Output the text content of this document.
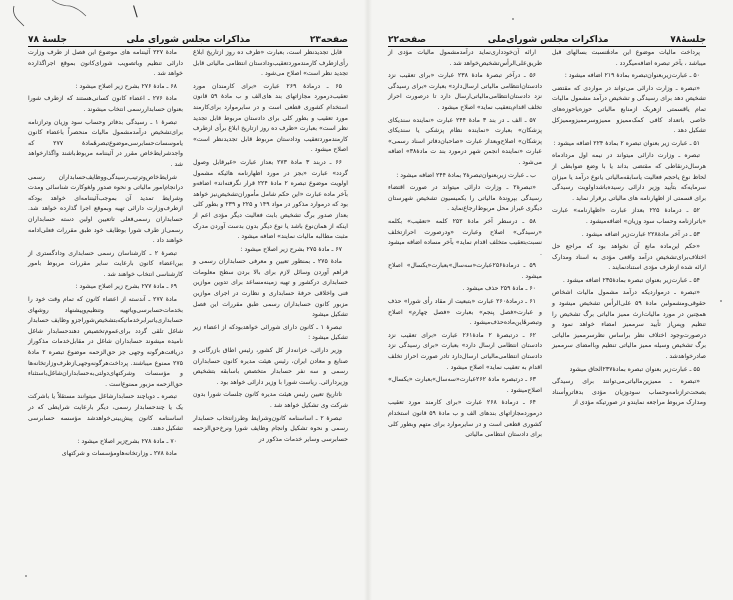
\
صفحه۲۳
مذاکرات مجلس شورای ملی
جلسهٔ ۷۸

قابل تجدیدنظر است، بعبارت «ظرف ده روز ازتاریخ ابلاغ رأی‌ازطرف کارمندموردتعقیب‌ودادستان انتظامی مالیاتی قابل تجدید نظر است» اصلاح می‌شود .

۶۵ ـ درمادهٔ ۲۶۹ عبارت «برای کارمندان مورد تعقیب‌درمورد مجازاتهای بند های‌الف و ب مادهٔ ۵۹ قانون استخدام کشوری قطعی است و در سایرموارد برای‌کارمند مورد تعقیب و بطور کلی برای دادستان مربوط قابل تجدید نظر است» بعبارت «ظرف ده روز ازتاریخ ابلاغ برأی ازطرف کارمندموردتعقیب ودادستان مربوط قابل تجدیدنظر است» اصلاح میشود .

۶۶ ـ دربند ۳ مادهٔ ۲۷۳ بعداز عبارت «غیرقابل وصول گردد» عبارت «بجز در مورد اظهارنامه هائیکه مشمول اولویت موضوع تبصره ۲ مادهٔ ۲۲۴ قرار نگرفته‌اند» اضافه‌و بآخر ماده عبارت «این حکم شامل مأموران‌تشخیص‌نیز خواهد بود که درموارد مذکور در مواد ۱۴۹ و ۲۲۵ و ۲۳۹ و بطور کلی بعداز صدور برگ تشخیص بابت فعالیت دیگر مؤدی اعم از اینکه از همان‌نوع باشد یا نوع دیگر بدون بدست آوردن مدرک مثبت مطالبه مالیات نمایند» اضافه میشود .

۶۷ ـ مادهٔ ۲۷۵ بشرح زیر اصلاح میشود :

مادهٔ ۲۷۵ ـ بمنظور تعیین و معرفی حسابداران رسمی و فراهم آوردن وسائل لازم برای بالا بردن سطح معلومات حسابداری درکشور و تهیه زمینه‌مساعد برای تدوین موازین فنی واخلاقی حرفهٔ حسابداری و نظارت در اجرای موازین مزبور کانون حسابداران رسمی طبق مقررات این فصل تشکیل میشود

تبصرهٔ ۱ ـ کانون دارای شورائی خواهدبودکه از اعضاء زیر تشکیل میشود :

وزیر دارائی، خزانه‌دار کل کشور، رئیس اطاق بازرگانی و صنایع و معادن ایران، رئیس هیئت مدیره کانون حسابداران رسمی و سه نفر حسابدار متخصص باسابقه بتشخیص وزیردارائی. ریاست شورا با وزیر دارائی خواهد بود .

تاتاریخ تعیین رئیس هیئت مدیره کانون جلسات شورا بدون شرکت وی تشکیل خواهد شد .

تبصرهٔ ۲ ـ اساسنامه کانون‌وشرایط وطرزانتخاب حسابدار رسمی و نحوه تشکیل وانجام وظایف شورا ونرخ‌حق‌الزحمه حسابرسی وسایر خدمات مذکور در

مادهٔ ۲۲۷ آئیننامه های موضوع این فصل از طرف وزارت دارائی تنظیم وباتصویب شورای‌کانون بموقع اجراگذارده خواهد شد .

۶۸ ـ مادهٔ ۲۷۶ بشرح زیر اصلاح میشود :

مادهٔ ۲۷۶ ـ اعضاء کانون کسانی‌هستند که ازطرف شورا بعنوان حسابداررسمی انتخاب میشوند .

تبصرهٔ ۱ ـ رسیدگی بدفاتر وحساب سود وزیان وترازنامه برای‌تشخیص درآمدمشمول مالیات منحصراً باعضاء کانون یاموسسات‌حسابرسی‌موضوع‌تبصرهٔمادهٔ ۲۷۷ که واجدشرایط‌خاص مقرر در آئیننامه مربوط‌باشند واگذارخواهد شد .

شرایط‌خاص‌وترتیب‌رسیدگی‌ووظایف‌حسابداران رسمی درانجام‌امور مالیاتی و نحوه صدور ولغوکارت شناسائی ومدت وشرایط تمدید آن بموجب‌آئیننامه‌ای خواهد بودکه ازطرف‌وزارت دارائی تهیه وبموقع اجرا گذارده خواهد شد. حسابداران رسمی‌فعلی تاتعیین اولین دسته حسابداران رسمی‌از طرف شورا بوظایف خود طبق مقررات فعلی‌ادامه خواهند داد .

تبصرهٔ ۲ ـ کارشناسان رسمی حسابداری ودادگستری از بین‌اعضاء کانون بارعایت سایر مقررات مربوط بامور کارشناسی انتخاب خواهند شد .

۶۹ ـ مادهٔ ۲۷۷ بشرح زیر اصلاح میشود :

مادهٔ ۲۷۷ ـ آندسته از اعضاء کانون که تمام وقت خود را بخدمات‌حسابرسی‌ویاتهیه وتنظیم‌وپیشنهاد روشهای حسابداری‌یاتبرابرخدماتیکه‌بتشخیص‌شوراجزو وظایف حسابدار شاغل تلقی گردد برای‌عموم‌تخصیص دهندحسابدار شاغل نامیده میشوند حسابداران شاغل در مقابل‌خدمات مذکوراز دریافت‌هرگونه وجهی جز حق‌الزحمه موضوع تبصره ۲ مادهٔ ۲۷۵ ممنوع میباشند. پرداخت‌هرگونه‌وجهی‌ازطرف‌وزارتخانه‌ها و مؤسسات وشرکتهای‌دولتی‌به‌حسابداران‌شاغل‌باستثناء حق‌الزحمه مزبور ممنوع‌است .

تبصره ـ دویاچند حسابدارشاغل میتوانند مستقلاً یا باشرکت یک یا چندحسابدار رسمی، دیگر بارعایت شرایطی که در اساسنامه کانون پیش‌بینی‌خواهدشد مؤسسه حسابرسی تشکیل دهند.

۷۰ ـ مادهٔ ۲۷۸ بشرح‌زیر اصلاح میشود :

مادهٔ ۲۷۸ ـ وزارتخانه‌هاومؤسسات و شرکتهای

جلسهٔ۷۸
مذاکرات مجلس شورای‌ملی
صفحه۲۲

پرداخت مالیات موضوع این مادهٔنسبت بسالهای قبل میباشد ، بآخر تبصره اضافه‌میگردد .

۵۰ ـ عبارت‌زیربعنوان‌تبصره بمادهٔ ۲۱۹ اضافه میشود :

«تبصره ـ وزارت دارائی می‌تواند در مواردی که مقتضی تشخیص دهد برای رسیدگی و تشخیص درآمد مشمول مالیات تمام یاقسمتی ازهریک ازمنابع مالیاتی حوزه‌یاحوزه‌های خاصی باتعداد کافی کمک‌ممیزو ممیزوسرممیزوممیزکل تشکیل دهد .

۵۱ ـ عبارت زیر بعنوان تبصره ۲ بمادهٔ ۲۲۴ اضافه میشود :

تبصره ـ وزارت دارائی میتواند در نیمه اول مردادماه هرسال‌درنقاطی که مقتضی بداند یا با وضع ضوابطی از لحاظ نوع یاحجم فعالیت یاسابقه‌مالیاتی یانوع درآمد یا میزان سرمایه‌که بتأیید وزیر دارائی رسیده‌باشداولویت رسیدگی برای قسمتی از اظهارنامه های مالیاتی برقرار نماید .

۵۲ ـ درمادهٔ ۲۲۵ بعداز عبارت «اظهارنامه» عبارت «یاترازنامه وحساب سود وزیان» اضافه‌میشود .

۵۳ ـ در آخر مادهٔ۲۲۸ عبارت‌زیر اضافه میشود .

«حکم این‌ماده مانع آن نخواهد بود که مراجع حل اختلاف‌برای‌تشخیص درآمد واقعی مؤدی به اسناد ومدارک ارائه شده ازطرف مؤدی استنادنمایند .

۵۴ ـ عبارت‌زیر بعنوان تبصره بمادهٔ۲۳۵ اضافه میشود .

«تبصره ـ درمواردیکه درآمد مشمول مالیات اشخاص حقوقی‌ومشمولین مادهٔ ۵۹ علی‌الرأس تشخیص میشود و همچنین در مورد مالیات‌ارث ممیز مالیاتی برگ تشخیص را تنظیم وپس‌از تأیید سرممیز امضاء خواهد نمود و درصورت‌وجود اختلاف نظر براساس نظرسرممیز مالیاتی برگ تشخیص وسیله ممیز مالیاتی تنظیم وباامضای سرممیز صادرخواهدشد .

۵۵ ـ عبارت‌زیر بعنوان تبصره بمادهٔ۲۳۷الحاق میشود

«تبصره ـ ممیزین‌مالیاتی‌می‌توانند برای رسیدگی بصحت‌ترازنامه‌وحساب سودوزیان مؤدی بدفاتروأسناد ومدارک مربوط مراجعه نمایندو در صورتیکه مؤدی از

ارائه آن‌خودداری‌نماید درآمدمشمول مالیات مؤدی از طریق‌علی‌الرأس‌تشخیص‌خواهد شد .

۵۶ ـ درآخر تبصرهٔ مادهٔ ۲۳۸ عبارت «برای تعقیب نزد دادستان‌انتظامی مالیاتی ارسال‌دارد» بعبارت «برای رسیدگی نزد دادستان‌انتظامی‌مالیاتی‌ارسال دارد تا درصورت احراز تخلف اقدام‌بتعقیب نماید» اصلاح میشود .

۵۷ ـ الف ـ در بند ۳ مادهٔ ۲۴۴ عبارت «نماینده سندیکای پزشکان» بعبارت «نماینده نظام پزشکی یا سندیکای پزشکان» اصلاح‌وبعداز عبارت «صاحبان‌دفاتر اسناد رسمی» عبارت «نماینده انجمن شهر درمورد بند ت مادهٔ۳۸» اضافه می‌شود .

ب ـ عبارت زیربعنوان‌تبصرهٔ۲ بمادهٔ ۲۴۴ اضافه میشود :

«تبصرهٔ۲ ـ وزارت دارائی میتواند در صورت اقتضاء رسیدگی بپروندهٔ مالیاتی را بکمیسیون تشخیص شهرستان دیگری غیراز محل مربوط‌ارجاع‌نماید .

۵۸ ـ درسطر آخر مادهٔ ۲۵۲ کلمه «تعقیب» بکلمه «رسیدگی» اصلاح وعبارت «ودرصورت احرازتخلف نسبت‌بتعقیب متخلف اقدام نماید» بآخر مساده اضافه میشود .

۵۹ ـ درمادهٔ۲۵۶عبارت«سه‌سال»بعبارت«یکسال» اصلاح میشود .

۶۰ ـ مادهٔ ۲۵۹ حذف میشود .

۶۱ ـ درمادهٔ۲۶۰ عبارت «بتبعیت از مقاد رأی شورا» حذف و عبارت«فصل پنجم» بعبارت «فصل چهارم» اصلاح وتبصرهٔاین‌ماده‌حذف‌میشود .

۶۲ ـ درتبصرهٔ ۲ مادهٔ۲۶۱ عبارت «برای تعقیب نزد دادستان انتظامی ارسال دارد» بعبارت «برای رسیدگی نزد دادستان انتظامی‌مالیاتی ارسال‌دارد تادر صورت احراز تخلف اقدام به تعقیب نماید» اصلاح میشود .

۶۳ ـ درتبصره مادهٔ ۲۶۲عبارت«سه‌سال»بعبارت «یکسال» اصلاح‌میشود .

۶۴ ـ درمادهٔ ۲۶۸ عبارت «برای کارمند مورد تعقیب درموردمجازاتهای بندهای الف و ب مادهٔ ۵۹ قانون استخدام کشوری قطعی است و در سایرموارد برای متهم وبطور کلی برای دادستان انتظامی مالیاتی
